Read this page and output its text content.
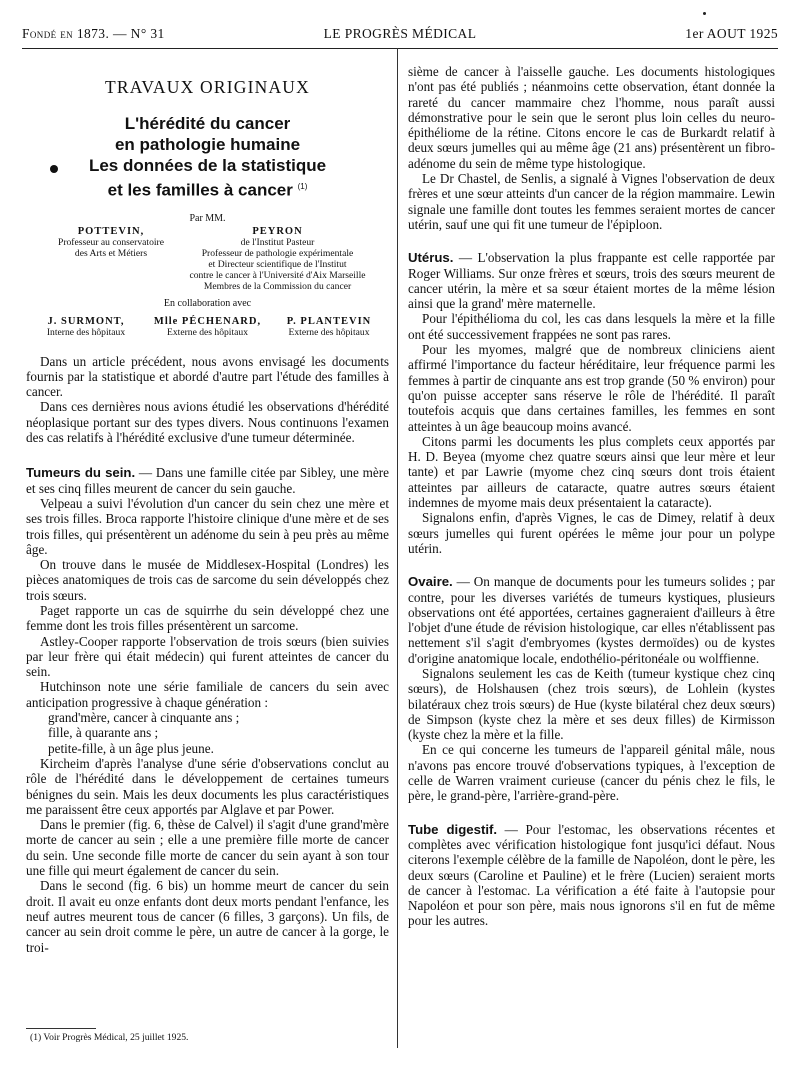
Fondé en 1873. — N° 31	LE PROGRÈS MÉDICAL	1er AOUT 1925
TRAVAUX ORIGINAUX
L'hérédité du cancer
en pathologie humaine
Les données de la statistique
et les familles à cancer $^{(1)}$
Par MM.
POTTEVIN,
Professeur au conservatoire
des Arts et Métiers
PEYRON
de l'Institut Pasteur
Professeur de pathologie expérimentale
et Directeur scientifique de l'Institut
contre le cancer à l'Université d'Aix Marseille
Membres de la Commission du cancer
En collaboration avec
J. SURMONT,
Interne des hôpitaux
Mlle PÉCHENARD,
Externe des hôpitaux
P. PLANTEVIN
Externe des hôpitaux

Dans un article précédent, nous avons envisagé les documents fournis par la statistique et abordé d'autre part l'étude des familles à cancer.

Dans ces dernières nous avions étudié les observations d'hérédité néoplasique portant sur des types divers. Nous continuons l'examen des cas relatifs à l'hérédité exclusive d'une tumeur déterminée.

Tumeurs du sein. — Dans une famille citée par Sibley, une mère et ses cinq filles meurent de cancer du sein gauche.

Velpeau a suivi l'évolution d'un cancer du sein chez une mère et ses trois filles. Broca rapporte l'histoire clinique d'une mère et de ses trois filles, qui présentèrent un adénome du sein à peu près au même âge.

On trouve dans le musée de Middlesex-Hospital (Londres) les pièces anatomiques de trois cas de sarcome du sein développés chez trois sœurs.

Paget rapporte un cas de squirrhe du sein développé chez une femme dont les trois filles présentèrent un sarcome.

Astley-Cooper rapporte l'observation de trois sœurs (bien suivies par leur frère qui était médecin) qui furent atteintes de cancer du sein.

Hutchinson note une série familiale de cancers du sein avec anticipation progressive à chaque génération :

grand'mère, cancer à cinquante ans ;
fille, à quarante ans ;
petite-fille, à un âge plus jeune.

Kircheim d'après l'analyse d'une série d'observations conclut au rôle de l'hérédité dans le développement de certaines tumeurs bénignes du sein. Mais les deux documents les plus caractéristiques me paraissent être ceux apportés par Alglave et par Power.

Dans le premier (fig. 6, thèse de Calvel) il s'agit d'une grand'mère morte de cancer au sein ; elle a une première fille morte de cancer du sein. Une seconde fille morte de cancer du sein ayant à son tour une fille qui meurt également de cancer du sein.

Dans le second (fig. 6 bis) un homme meurt de cancer du sein droit. Il avait eu onze enfants dont deux morts pendant l'enfance, les neuf autres meurent tous de cancer (6 filles, 3 garçons). Un fils, de cancer au sein droit comme le père, un autre de cancer à la gorge, le troi-

(1) Voir Progrès Médical, 25 juillet 1925.

sième de cancer à l'aisselle gauche. Les documents histologiques n'ont pas été publiés ; néanmoins cette observation, étant donnée la rareté du cancer mammaire chez l'homme, nous paraît aussi démonstrative pour le sein que le seront plus loin celles du neuro-épithéliome de la rétine. Citons encore le cas de Burkardt relatif à deux sœurs jumelles qui au même âge (21 ans) présentèrent un fibro-adénome du sein de même type histologique.

Le Dr Chastel, de Senlis, a signalé à Vignes l'observation de deux frères et une sœur atteints d'un cancer de la région mammaire. Lewin signale une famille dont toutes les femmes seraient mortes de cancer utérin, sauf une qui fit une tumeur de l'épiploon.

Utérus. — L'observation la plus frappante est celle rapportée par Roger Williams. Sur onze frères et sœurs, trois des sœurs meurent de cancer utérin, la mère et sa sœur étaient mortes de la même lésion ainsi que la grand' mère maternelle.

Pour l'épithélioma du col, les cas dans lesquels la mère et la fille ont été successivement frappées ne sont pas rares.

Pour les myomes, malgré que de nombreux cliniciens aient affirmé l'importance du facteur héréditaire, leur fréquence parmi les femmes à partir de cinquante ans est trop grande (50 % environ) pour qu'on puisse accepter sans réserve le rôle de l'hérédité. Il paraît toutefois acquis que dans certaines familles, les femmes en sont atteintes à un âge beaucoup moins avancé.

Citons parmi les documents les plus complets ceux apportés par H. D. Beyea (myome chez quatre sœurs ainsi que leur mère et leur tante) et par Lawrie (myome chez cinq sœurs dont trois étaient atteintes par ailleurs de cataracte, quatre autres sœurs étaient indemnes de myome mais deux présentaient la cataracte).

Signalons enfin, d'après Vignes, le cas de Dimey, relatif à deux sœurs jumelles qui furent opérées le même jour pour un polype utérin.

Ovaire. — On manque de documents pour les tumeurs solides ; par contre, pour les diverses variétés de tumeurs kystiques, plusieurs observations ont été apportées, certaines gagneraient d'ailleurs à être l'objet d'une étude de révision histologique, car elles n'établissent pas nettement s'il s'agit d'embryomes (kystes dermoïdes) ou de kystes d'origine anatomique locale, endothélio-péritonéale ou wolffienne.

Signalons seulement les cas de Keith (tumeur kystique chez cinq sœurs), de Holshausen (chez trois sœurs), de Lohlein (kystes bilatéraux chez trois sœurs) de Hue (kyste bilatéral chez deux sœurs) de Simpson (kyste chez la mère et ses deux filles) de Kirmisson (kyste chez la mère et la fille.

En ce qui concerne les tumeurs de l'appareil génital mâle, nous n'avons pas encore trouvé d'observations typiques, à l'exception de celle de Warren vraiment curieuse (cancer du pénis chez le fils, le père, le grand-père, l'arrière-grand-père.

Tube digestif. — Pour l'estomac, les observations récentes et complètes avec vérification histologique font jusqu'ici défaut. Nous citerons l'exemple célèbre de la famille de Napoléon, dont le père, les deux sœurs (Caroline et Pauline) et le frère (Lucien) seraient morts de cancer à l'estomac. La vérification a été faite à l'autopsie pour Napoléon et pour son père, mais nous ignorons s'il en fut de même pour les autres.
